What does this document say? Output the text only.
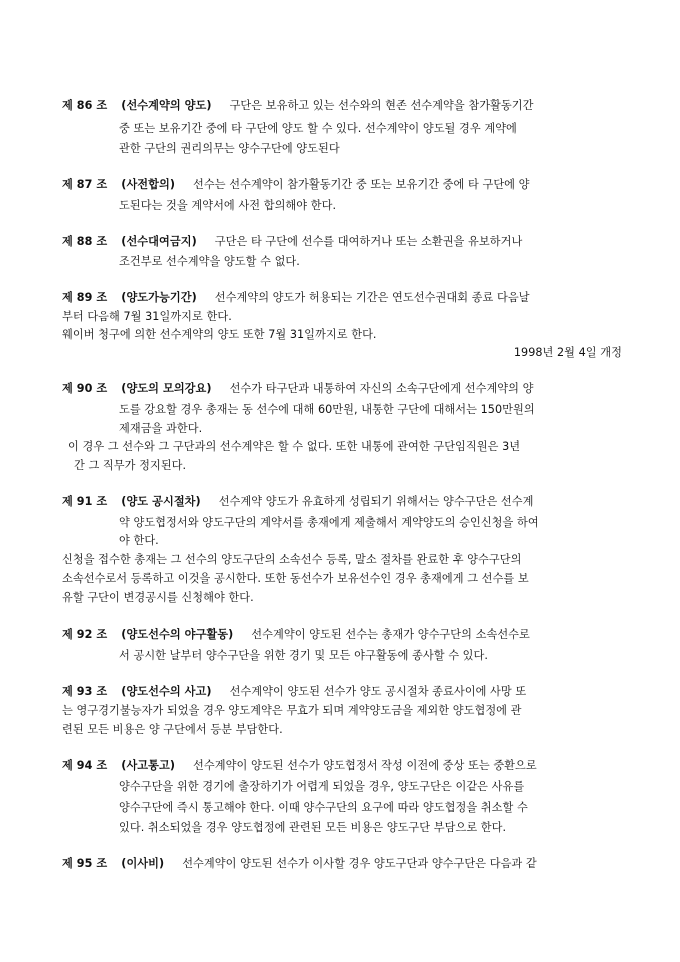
제 86 조 (선수계약의 양도) 구단은 보유하고 있는 선수와의 현존 선수계약을 참가활동기간
중 또는 보유기간 중에 타 구단에 양도 할 수 있다. 선수계약이 양도될 경우 계약에
관한 구단의 권리의무는 양수구단에 양도된다
제 87 조 (사전합의) 선수는 선수계약이 참가활동기간 중 또는 보유기간 중에 타 구단에 양
도된다는 것을 계약서에 사전 합의해야 한다.
제 88 조 (선수대여금지) 구단은 타 구단에 선수를 대여하거나 또는 소환권을 유보하거나
조건부로 선수계약을 양도할 수 없다.
제 89 조 (양도가능기간) 선수계약의 양도가 허용되는 기간은 연도선수권대회 종료 다음날
부터 다음해 7월 31일까지로 한다.
웨이버 청구에 의한 선수계약의 양도 또한 7월 31일까지로 한다.
1998년 2월 4일 개정
제 90 조 (양도의 모의강요) 선수가 타구단과 내통하여 자신의 소속구단에게 선수계약의 양
도를 강요할 경우 총재는 동 선수에 대해 60만원, 내통한 구단에 대해서는 150만원의
제재금을 과한다.
이 경우 그 선수와 그 구단과의 선수계약은 할 수 없다. 또한 내통에 관여한 구단임직원은 3년
간 그 직무가 정지된다.
제 91 조 (양도 공시절차) 선수계약 양도가 유효하게 성립되기 위해서는 양수구단은 선수계
약 양도협정서와 양도구단의 계약서를 총재에게 제출해서 계약양도의 승인신청을 하여
야 한다.
신청을 접수한 총재는 그 선수의 양도구단의 소속선수 등록, 말소 절차를 완료한 후 양수구단의
소속선수로서 등록하고 이것을 공시한다. 또한 동선수가 보유선수인 경우 총재에게 그 선수를 보
유할 구단이 변경공시를 신청해야 한다.
제 92 조 (양도선수의 야구활동) 선수계약이 양도된 선수는 총재가 양수구단의 소속선수로
서 공시한 날부터 양수구단을 위한 경기 및 모든 야구활동에 종사할 수 있다.
제 93 조 (양도선수의 사고) 선수계약이 양도된 선수가 양도 공시절차 종료사이에 사망 또
는 영구경기불능자가 되었을 경우 양도계약은 무효가 되며 계약양도금을 제외한 양도협정에 관
련된 모든 비용은 양 구단에서 등분 부담한다.
제 94 조 (사고통고) 선수계약이 양도된 선수가 양도협정서 작성 이전에 중상 또는 중환으로
양수구단을 위한 경기에 출장하기가 어렵게 되었을 경우, 양도구단은 이같은 사유를
양수구단에 즉시 통고해야 한다. 이때 양수구단의 요구에 따라 양도협정을 취소할 수
있다. 취소되었을 경우 양도협정에 관련된 모든 비용은 양도구단 부담으로 한다.
제 95 조 (이사비) 선수계약이 양도된 선수가 이사할 경우 양도구단과 양수구단은 다음과 같
